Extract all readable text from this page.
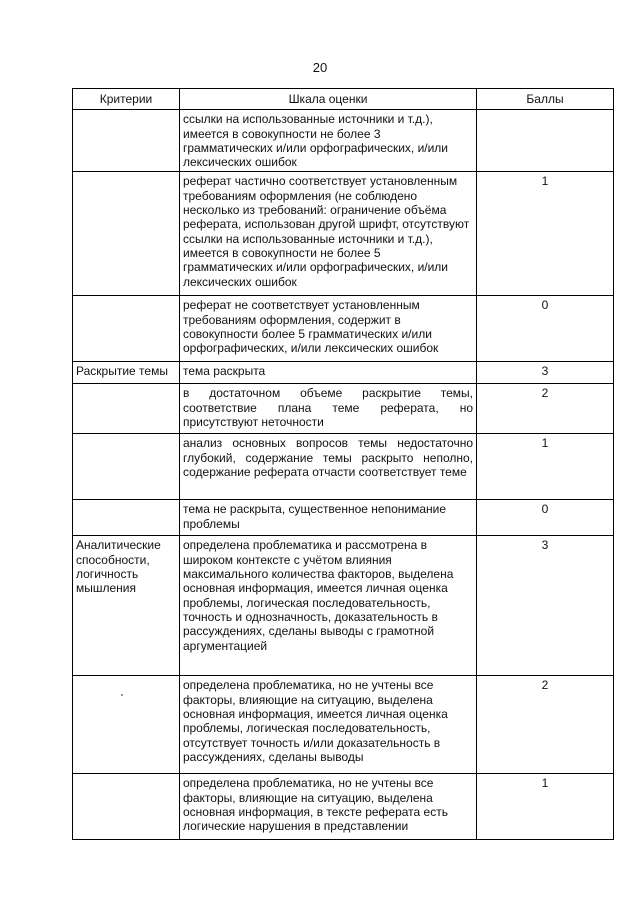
20
Критерии	Шкала оценки	Баллы
	ссылки на использованные источники и т.д.), имеется в совокупности не более 3 грамматических и/или орфографических, и/или лексических ошибок	
	реферат частично соответствует установленным требованиям оформления (не соблюдено несколько из требований: ограничение объёма реферата, использован другой шрифт, отсутствуют ссылки на использованные источники и т.д.), имеется в совокупности не более 5 грамматических и/или орфографических, и/или лексических ошибок	1
	реферат не соответствует установленным требованиям оформления, содержит в совокупности более 5 грамматических и/или орфографических, и/или лексических ошибок	0
Раскрытие темы	тема раскрыта	3
	в достаточном объеме раскрытие темы, соответствие плана теме реферата, но присутствуют неточности	2
	анализ основных вопросов темы недостаточно глубокий, содержание темы раскрыто неполно, содержание реферата отчасти соответствует теме	1
	тема не раскрыта, существенное непонимание проблемы	0
Аналитические способности, логичность мышления	определена проблематика и рассмотрена в широком контексте с учётом влияния максимального количества факторов, выделена основная информация, имеется личная оценка проблемы, логическая последовательность, точность и однозначность, доказательность в рассуждениях, сделаны выводы с грамотной аргументацией	3
	определена проблематика, но не учтены все факторы, влияющие на ситуацию, выделена основная информация, имеется личная оценка проблемы, логическая последовательность, отсутствует точность и/или доказательность в рассуждениях, сделаны выводы	2
	определена проблематика, но не учтены все факторы, влияющие на ситуацию, выделена основная информация, в тексте реферата есть логические нарушения в представлении	1
